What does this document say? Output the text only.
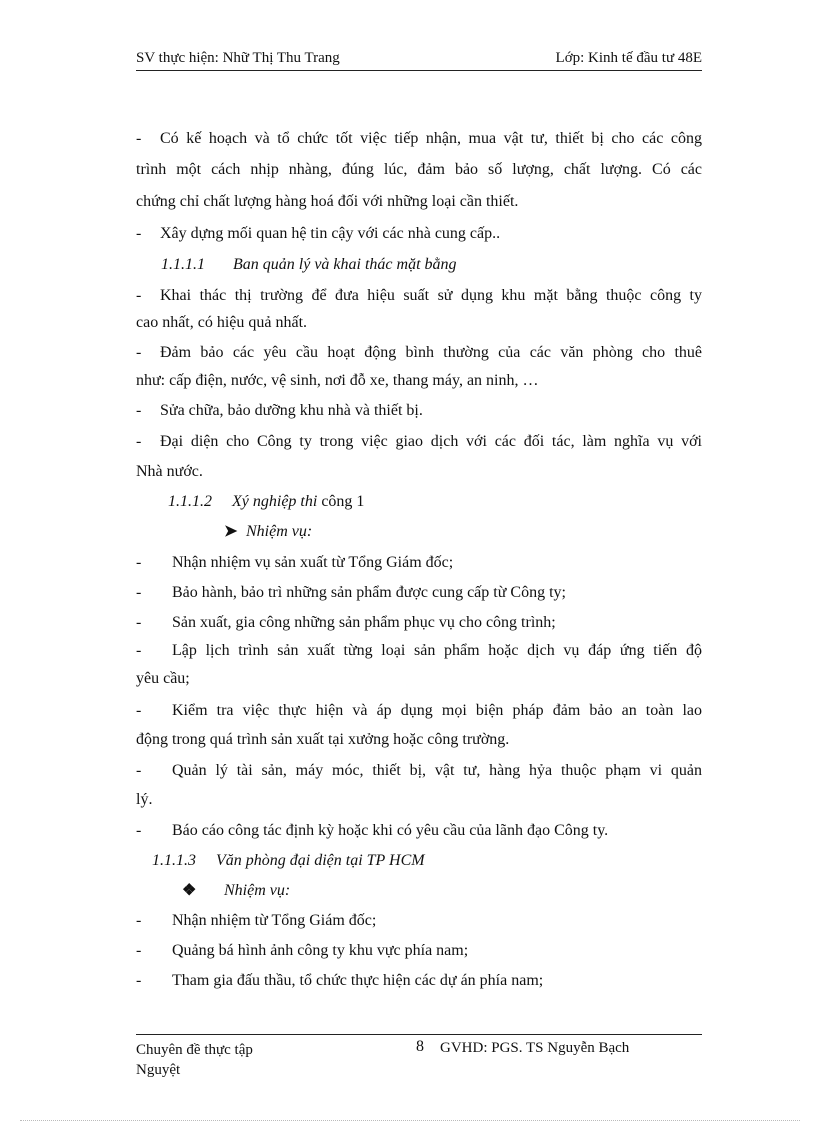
SV thực hiện: Nhữ Thị Thu Trang	Lớp: Kinh tế đầu tư 48E
- Có kế hoạch và tổ chức tốt việc tiếp nhận, mua vật tư, thiết bị cho các công
trình một cách nhịp nhàng, đúng lúc, đảm bảo số lượng, chất lượng. Có các
chứng chỉ chất lượng hàng hoá đối với những loại cần thiết.
- Xây dựng mối quan hệ tin cậy với các nhà cung cấp..
1.1.1.1 Ban quản lý và khai thác mặt bằng
- Khai thác thị trường để đưa hiệu suất sử dụng khu mặt bằng thuộc công ty
cao nhất, có hiệu quả nhất.
- Đảm bảo các yêu cầu hoạt động bình thường của các văn phòng cho thuê
như: cấp điện, nước, vệ sinh, nơi đỗ xe, thang máy, an ninh, …
- Sửa chữa, bảo dưỡng khu nhà và thiết bị.
- Đại diện cho Công ty trong việc giao dịch với các đối tác, làm nghĩa vụ với
Nhà nước.
1.1.1.2 Xý nghiệp thi công 1
➤ Nhiệm vụ:
- Nhận nhiệm vụ sản xuất từ Tổng Giám đốc;
- Bảo hành, bảo trì những sản phẩm được cung cấp từ Công ty;
- Sản xuất, gia công những sản phẩm phục vụ cho công trình;
- Lập lịch trình sản xuất từng loại sản phẩm hoặc dịch vụ đáp ứng tiến độ
yêu cầu;
- Kiểm tra việc thực hiện và áp dụng mọi biện pháp đảm bảo an toàn lao
động trong quá trình sản xuất tại xưởng hoặc công trường.
- Quản lý tài sản, máy móc, thiết bị, vật tư, hàng hỷa thuộc phạm vi quản
lý.
- Báo cáo công tác định kỳ hoặc khi có yêu cầu của lãnh đạo Công ty.
1.1.1.3 Văn phòng đại diện tại TP HCM
❖ Nhiệm vụ:
- Nhận nhiệm từ Tổng Giám đốc;
- Quảng bá hình ảnh công ty khu vực phía nam;
- Tham gia đấu thầu, tổ chức thực hiện các dự án phía nam;
Chuyên đề thực tập
Nguyệt
8 GVHD: PGS. TS Nguyễn Bạch
